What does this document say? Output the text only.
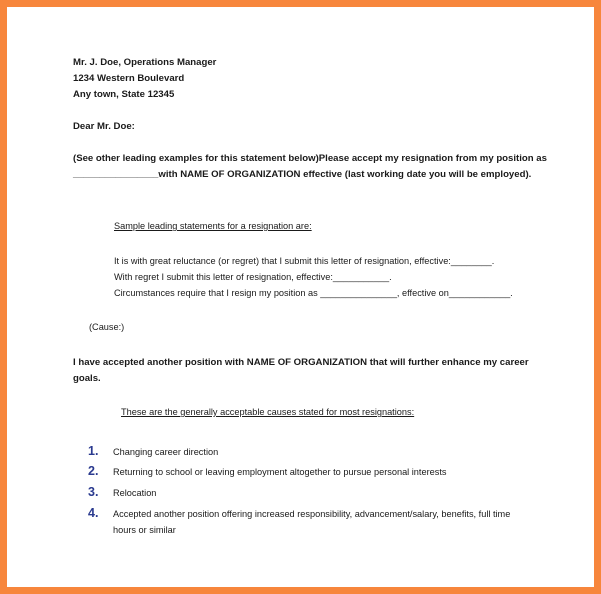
Mr. J. Doe, Operations Manager
1234 Western Boulevard
Any town, State 12345
Dear Mr. Doe:
(See other leading examples for this statement below)Please accept my resignation from my position as
________________with NAME OF ORGANIZATION effective (last working date you will be employed).
Sample leading statements for a resignation are:
It is with great reluctance (or regret) that I submit this letter of resignation, effective:________.
With regret I submit this letter of resignation, effective:___________.
Circumstances require that I resign my position as _______________, effective on____________.
(Cause:)
I have accepted another position with NAME OF ORGANIZATION that will further enhance my career
goals.
These are the generally acceptable causes stated for most resignations:
1. Changing career direction
2. Returning to school or leaving employment altogether to pursue personal interests
3. Relocation
4. Accepted another position offering increased responsibility, advancement/salary, benefits, full time
hours or similar
